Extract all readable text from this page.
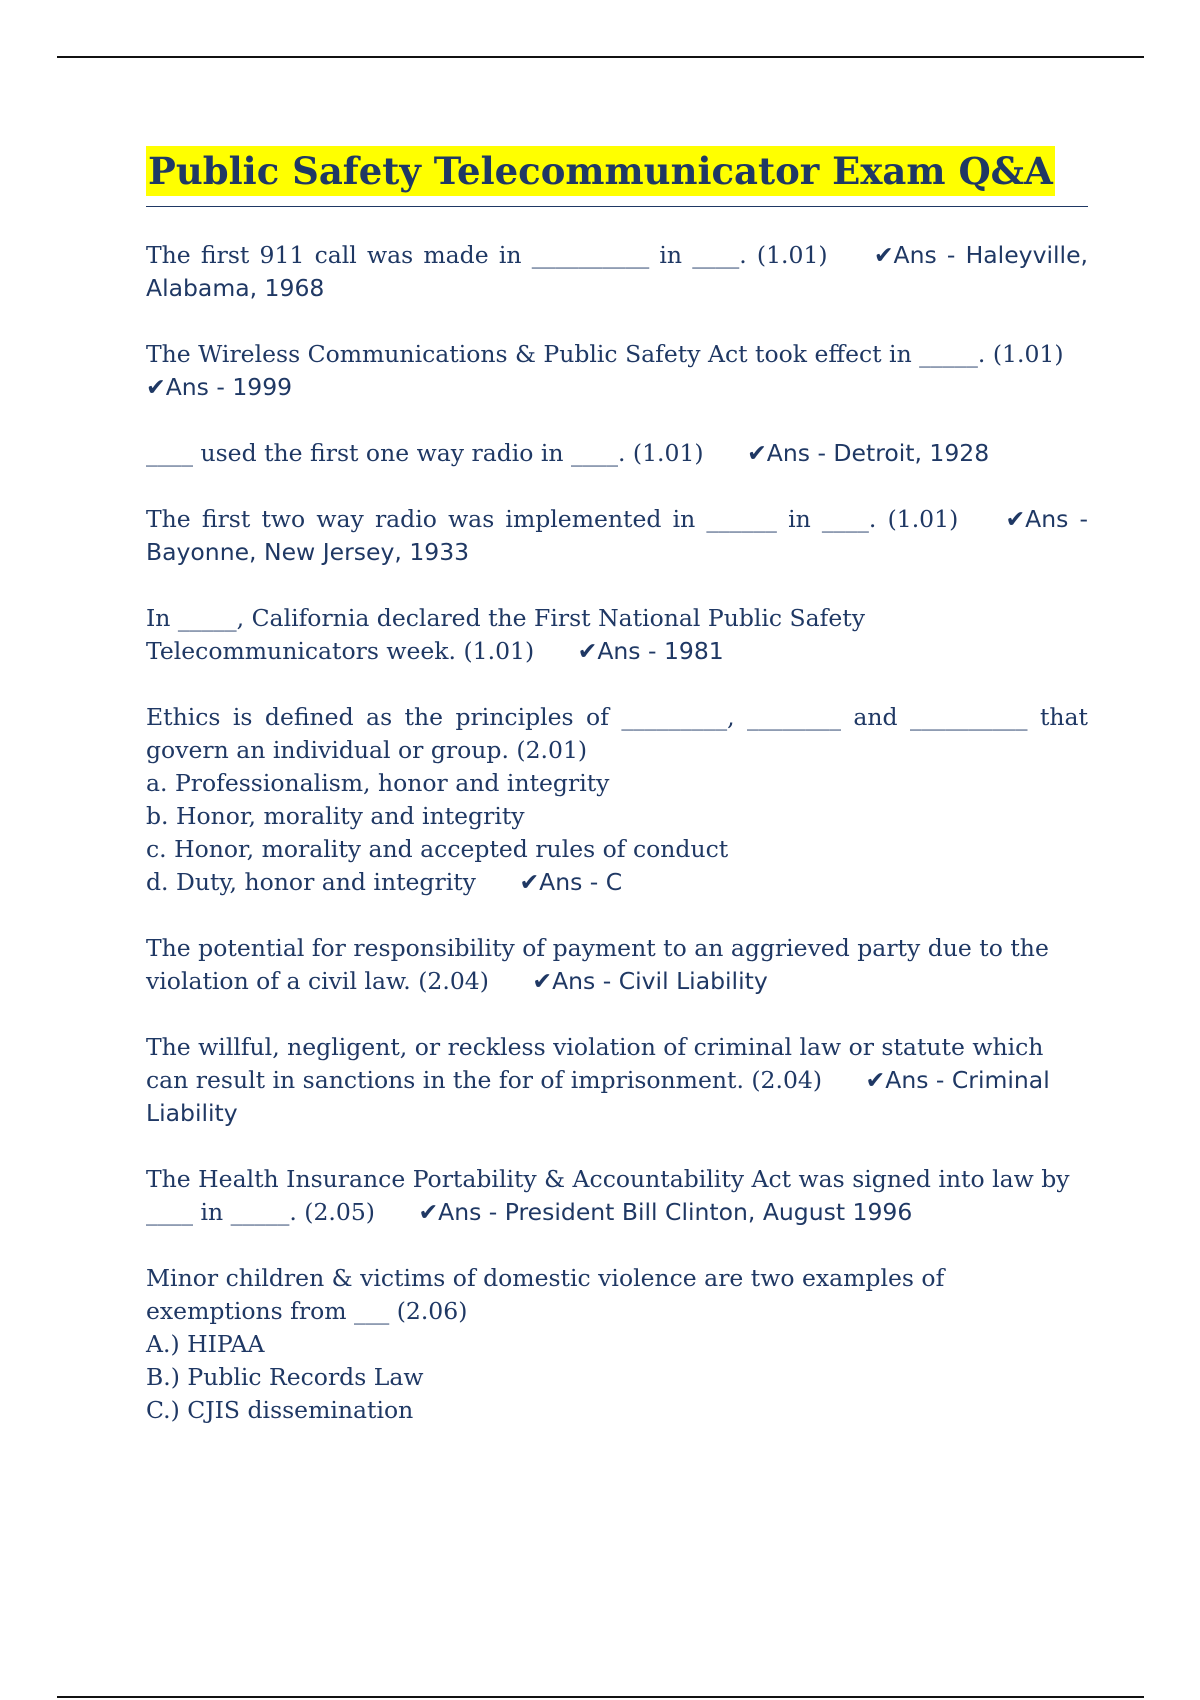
Public Safety Telecommunicator Exam Q&A
The first 911 call was made in __________ in ____. (1.01) ✔Ans - Haleyville, Alabama, 1968
The Wireless Communications & Public Safety Act took effect in _____. (1.01)
✔Ans - 1999
____ used the first one way radio in ____. (1.01) ✔Ans - Detroit, 1928
The first two way radio was implemented in ______ in ____. (1.01) ✔Ans - Bayonne, New Jersey, 1933
In _____, California declared the First National Public Safety
Telecommunicators week. (1.01) ✔Ans - 1981
Ethics is defined as the principles of _________, ________ and __________ that govern an individual or group. (2.01)
a. Professionalism, honor and integrity
b. Honor, morality and integrity
c. Honor, morality and accepted rules of conduct
d. Duty, honor and integrity ✔Ans - C
The potential for responsibility of payment to an aggrieved party due to the
violation of a civil law. (2.04) ✔Ans - Civil Liability
The willful, negligent, or reckless violation of criminal law or statute which
can result in sanctions in the for of imprisonment. (2.04) ✔Ans - Criminal Liability
The Health Insurance Portability & Accountability Act was signed into law by
____ in _____. (2.05) ✔Ans - President Bill Clinton, August 1996
Minor children & victims of domestic violence are two examples of
exemptions from ___ (2.06)
A.) HIPAA
B.) Public Records Law
C.) CJIS dissemination
